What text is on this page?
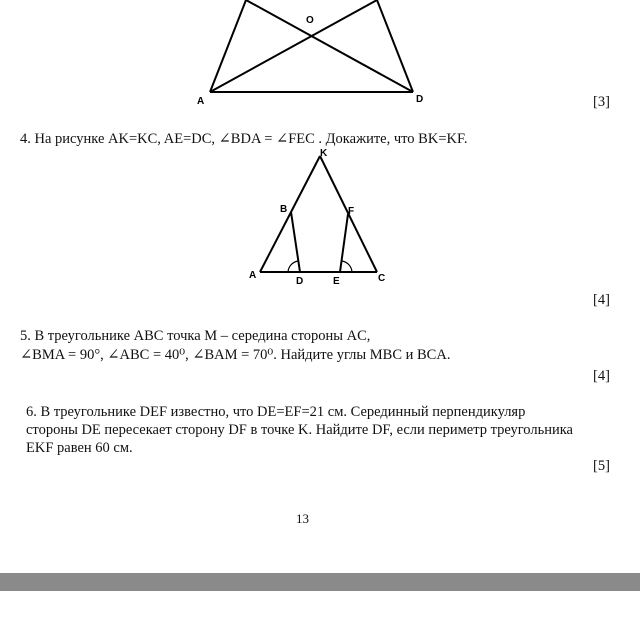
A	D
O
[3]
4. На рисунке AK=KC, AE=DC, ∠BDA = ∠FEC . Докажите, что BK=KF.
K
B	F
A
D	E	C
[4]
5. В треугольнике ABC точка M – середина стороны AC,
∠BMA = 90°, ∠ABC = 40⁰, ∠BAM = 70⁰. Найдите углы MBC и BCA.
[4]
6. В треугольнике DEF известно, что DE=EF=21 см. Серединный перпендикуляр
стороны DE пересекает сторону DF в точке K. Найдите DF, если периметр треугольника
EKF равен 60 см.
[5]
13
